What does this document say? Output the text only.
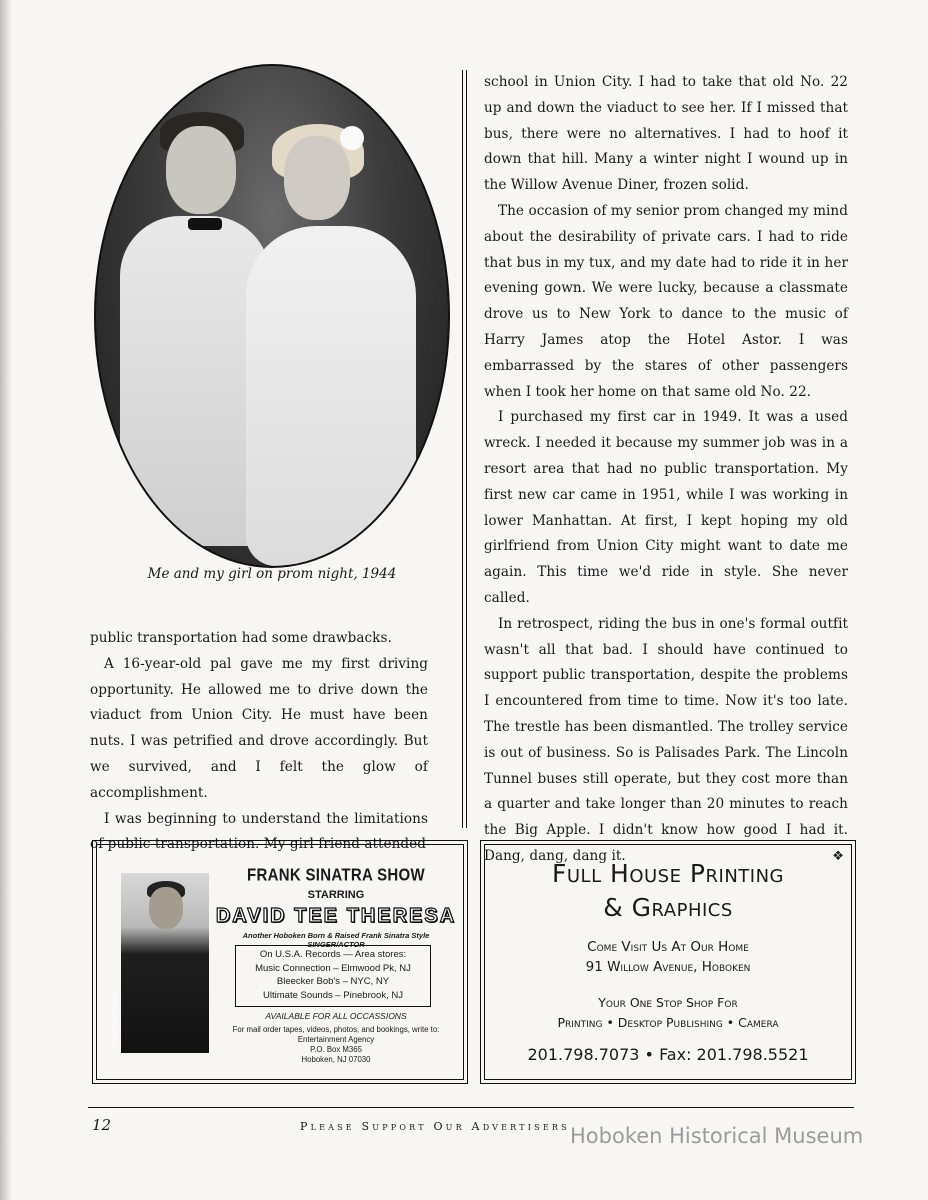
Me and my girl on prom night, 1944

public transportation had some drawbacks.

A 16-year-old pal gave me my first driving opportunity. He allowed me to drive down the viaduct from Union City. He must have been nuts. I was petrified and drove accordingly. But we survived, and I felt the glow of accomplishment.

I was beginning to understand the limitations of public transportation. My girl friend attended

school in Union City. I had to take that old No. 22 up and down the viaduct to see her. If I missed that bus, there were no alternatives. I had to hoof it down that hill. Many a winter night I wound up in the Willow Avenue Diner, frozen solid.

The occasion of my senior prom changed my mind about the desirability of private cars. I had to ride that bus in my tux, and my date had to ride it in her evening gown. We were lucky, because a classmate drove us to New York to dance to the music of Harry James atop the Hotel Astor. I was embarrassed by the stares of other passengers when I took her home on that same old No. 22.

I purchased my first car in 1949. It was a used wreck. I needed it because my summer job was in a resort area that had no public transportation. My first new car came in 1951, while I was working in lower Manhattan. At first, I kept hoping my old girlfriend from Union City might want to date me again. This time we'd ride in style. She never called.

In retrospect, riding the bus in one's formal outfit wasn't all that bad. I should have continued to support public transportation, despite the problems I encountered from time to time. Now it's too late. The trestle has been dismantled. The trolley service is out of business. So is Palisades Park. The Lincoln Tunnel buses still operate, but they cost more than a quarter and take longer than 20 minutes to reach the Big Apple. I didn't know how good I had it. Dang, dang, dang it.	❖

Photo: Bob Foster
FRANK SINATRA SHOW
STARRING
DAVID TEE THERESA
Another Hoboken Born & Raised Frank Sinatra Style SINGER/ACTOR
On U.S.A. Records — Area stores:
Music Connection – Elmwood Pk, NJ
Bleecker Bob's – NYC, NY
Ultimate Sounds – Pinebrook, NJ
AVAILABLE FOR ALL OCCASSIONS
For mail order tapes, videos, photos, and bookings, write to:
Entertainment Agency
P.O. Box M365
Hoboken, NJ 07030
Full House Printing
& Graphics
Come Visit Us At Our Home
91 Willow Avenue, Hoboken
Your One Stop Shop For
Printing • Desktop Publishing • Camera
201.798.7073 • Fax: 201.798.5521
12	Please Support Our Advertisers Hoboken Historical Museum
